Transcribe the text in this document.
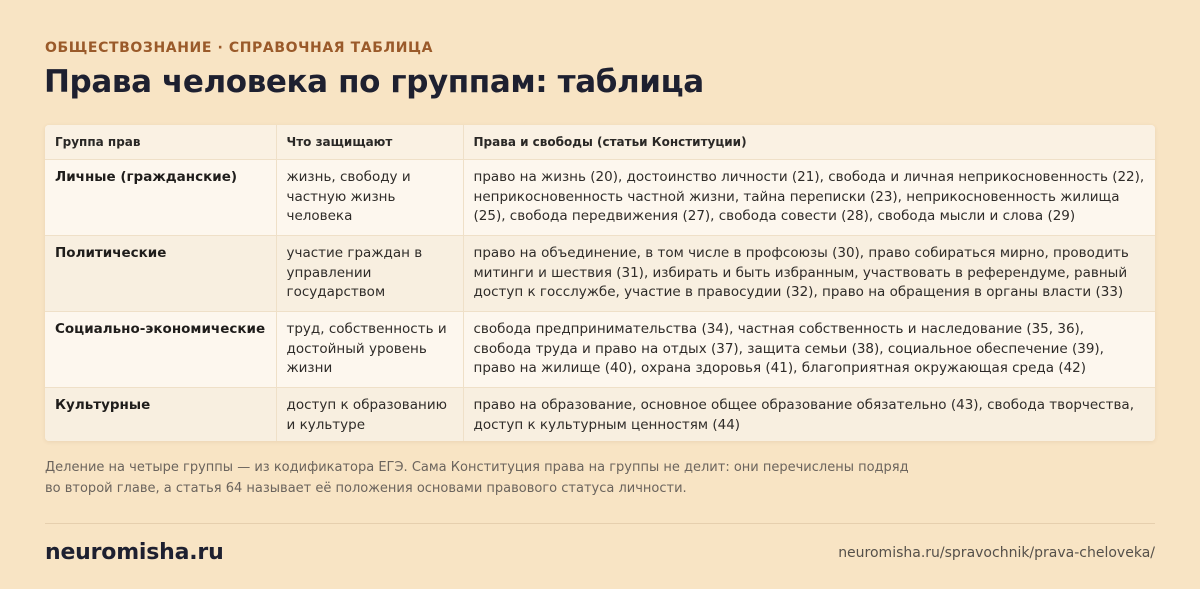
ОБЩЕСТВОЗНАНИЕ · СПРАВОЧНАЯ ТАБЛИЦА
Права человека по группам: таблица
Группа прав	Что защищают	Права и свободы (статьи Конституции)
Личные (гражданские)	жизнь, свободу и частную жизнь человека	право на жизнь (20), достоинство личности (21), свобода и личная неприкосновенность (22), неприкосновенность частной жизни, тайна переписки (23), неприкосновенность жилища (25), свобода передвижения (27), свобода совести (28), свобода мысли и слова (29)
Политические	участие граждан в управлении государством	право на объединение, в том числе в профсоюзы (30), право собираться мирно, проводить митинги и шествия (31), избирать и быть избранным, участвовать в референдуме, равный доступ к госслужбе, участие в правосудии (32), право на обращения в органы власти (33)
Социально-экономические	труд, собственность и достойный уровень жизни	свобода предпринимательства (34), частная собственность и наследование (35, 36), свобода труда и право на отдых (37), защита семьи (38), социальное обеспечение (39), право на жилище (40), охрана здоровья (41), благоприятная окружающая среда (42)
Культурные	доступ к образованию и культуре	право на образование, основное общее образование обязательно (43), свобода творчества, доступ к культурным ценностям (44)
Деление на четыре группы — из кодификатора ЕГЭ. Сама Конституция права на группы не делит: они перечислены подряд во второй главе, а статья 64 называет её положения основами правового статуса личности.
neuromisha.ru	neuromisha.ru/spravochnik/prava-cheloveka/
